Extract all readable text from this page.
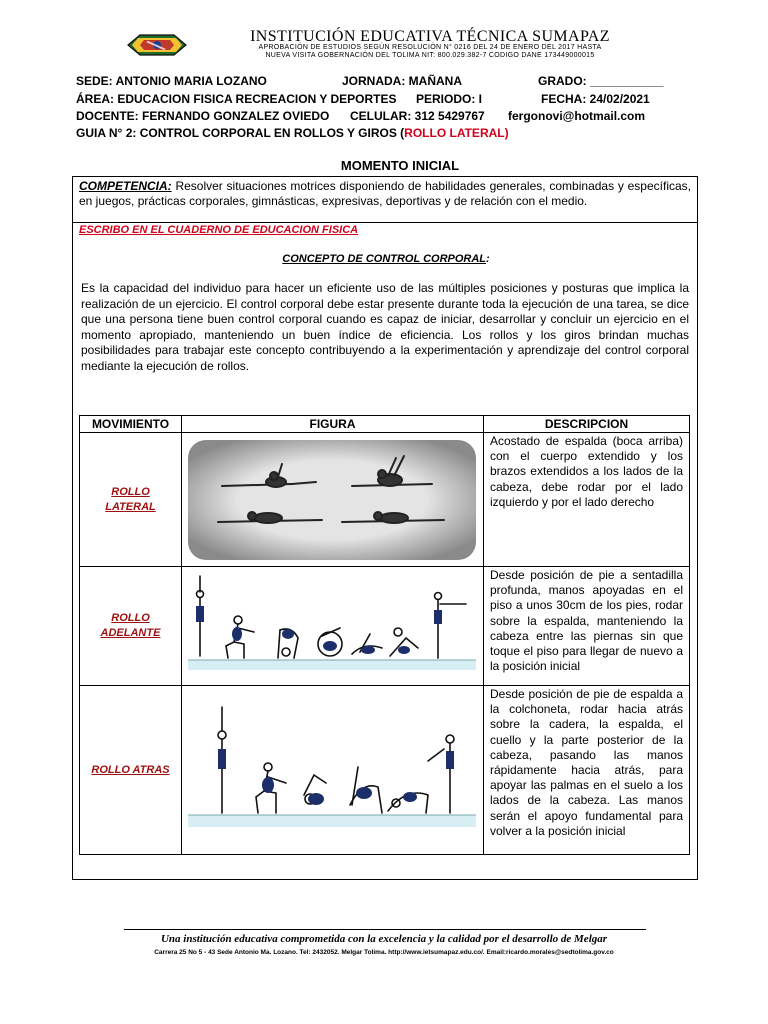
INSTITUCIÓN EDUCATIVA TÉCNICA SUMAPAZ
APROBACIÓN DE ESTUDIOS SEGÚN RESOLUCIÓN N° 0216 DEL 24 DE ENERO DEL 2017 HASTA
NUEVA VISITA GOBERNACIÓN DEL TOLIMA NIT: 800.029.382-7 CODIGO DANE 173449000015
SEDE: ANTONIO MARIA LOZANO	JORNADA: MAÑANA	GRADO: ___________
ÁREA: EDUCACION FISICA RECREACION Y DEPORTES PERIODO: I	FECHA: 24/02/2021
DOCENTE: FERNANDO GONZALEZ OVIEDO CELULAR: 312 5429767 fergonovi@hotmail.com
GUIA N° 2: CONTROL CORPORAL EN ROLLOS Y GIROS (ROLLO LATERAL)
MOMENTO INICIAL
COMPETENCIA: Resolver situaciones motrices disponiendo de habilidades generales, combinadas y específicas, en juegos, prácticas corporales, gimnásticas, expresivas, deportivas y de relación con el medio.
ESCRIBO EN EL CUADERNO DE EDUCACION FISICA
CONCEPTO DE CONTROL CORPORAL:
Es la capacidad del individuo para hacer un eficiente uso de las múltiples posiciones y posturas que implica la realización de un ejercicio. El control corporal debe estar presente durante toda la ejecución de una tarea, se dice que una persona tiene buen control corporal cuando es capaz de iniciar, desarrollar y concluir un ejercicio en el momento apropiado, manteniendo un buen índice de eficiencia. Los rollos y los giros brindan muchas posibilidades para trabajar este concepto contribuyendo a la experimentación y aprendizaje del control corporal mediante la ejecución de rollos.
MOVIMIENTO	FIGURA	DESCRIPCION
ROLLO LATERAL		Acostado de espalda (boca arriba) con el cuerpo extendido y los brazos extendidos a los lados de la cabeza, debe rodar por el lado izquierdo y por el lado derecho
ROLLO ADELANTE		Desde posición de pie a sentadilla profunda, manos apoyadas en el piso a unos 30cm de los pies, rodar sobre la espalda, manteniendo la cabeza entre las piernas sin que toque el piso para llegar de nuevo a la posición inicial
ROLLO ATRAS		Desde posición de pie de espalda a la colchoneta, rodar hacia atrás sobre la cadera, la espalda, el cuello y la parte posterior de la cabeza, pasando las manos rápidamente hacia atrás, para apoyar las palmas en el suelo a los lados de la cabeza. Las manos serán el apoyo fundamental para volver a la posición inicial
Una institución educativa comprometida con la excelencia y la calidad por el desarrollo de Melgar
Carrera 25 No 5 - 43 Sede Antonio Ma. Lozano. Tel: 2432052. Melgar Tolima. http://www.ietsumapaz.edu.co/. Email:ricardo.morales@sedtolima.gov.co
